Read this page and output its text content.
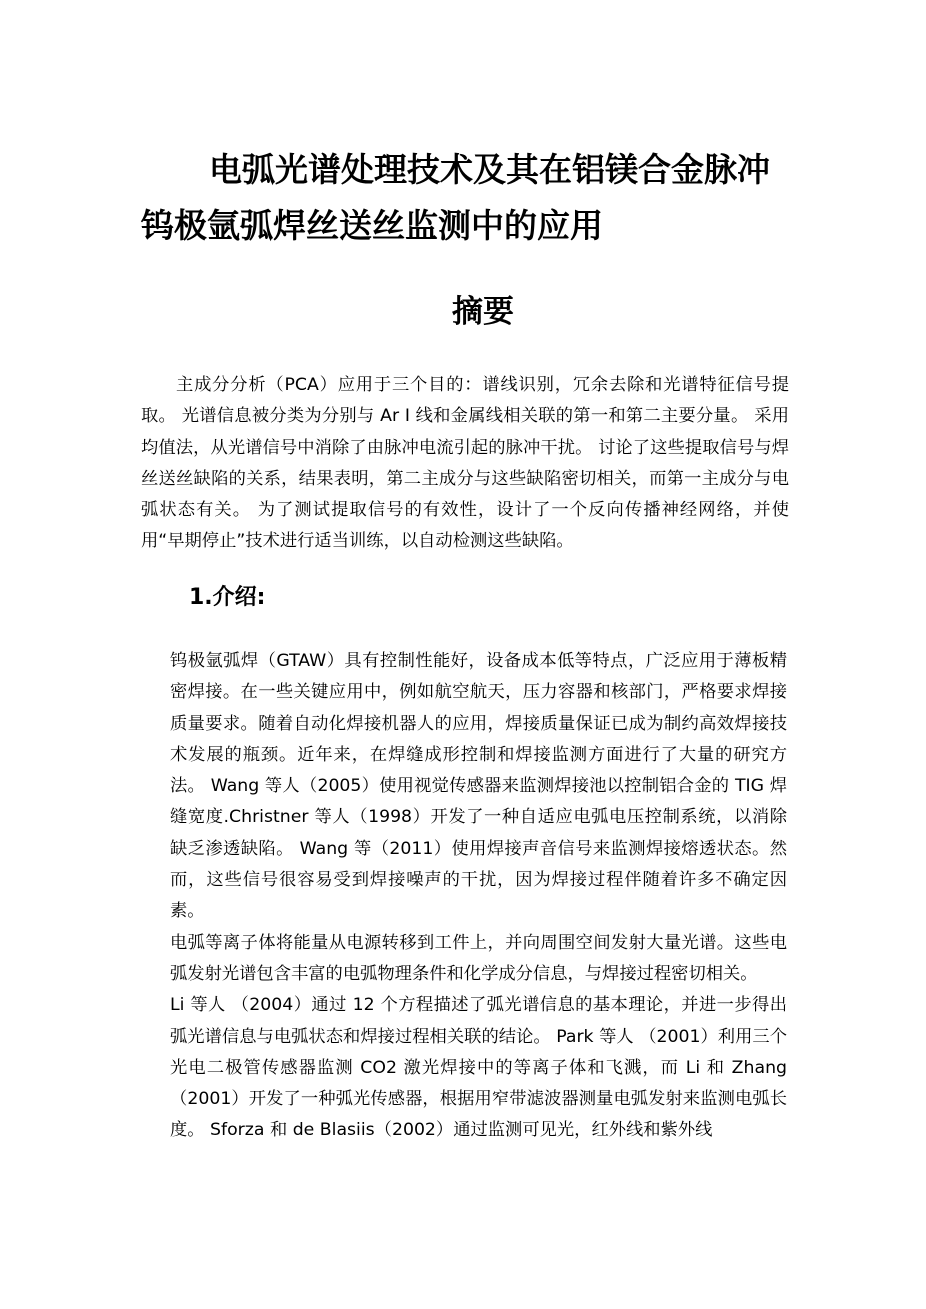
电弧光谱处理技术及其在铝镁合金脉冲钨极氩弧焊丝送丝监测中的应用
摘要

主成分分析（PCA）应用于三个目的：谱线识别，冗余去除和光谱特征信号提取。 光谱信息被分类为分别与 Ar I 线和金属线相关联的第一和第二主要分量。 采用均值法，从光谱信号中消除了由脉冲电流引起的脉冲干扰。 讨论了这些提取信号与焊丝送丝缺陷的关系，结果表明，第二主成分与这些缺陷密切相关，而第一主成分与电弧状态有关。 为了测试提取信号的有效性，设计了一个反向传播神经网络，并使用“早期停止”技术进行适当训练，以自动检测这些缺陷。

1.介绍:

钨极氩弧焊（GTAW）具有控制性能好，设备成本低等特点，广泛应用于薄板精密焊接。在一些关键应用中，例如航空航天，压力容器和核部门，严格要求焊接质量要求。随着自动化焊接机器人的应用，焊接质量保证已成为制约高效焊接技术发展的瓶颈。近年来，在焊缝成形控制和焊接监测方面进行了大量的研究方法。 Wang 等人（2005）使用视觉传感器来监测焊接池以控制铝合金的 TIG 焊缝宽度.Christner 等人（1998）开发了一种自适应电弧电压控制系统，以消除缺乏渗透缺陷。 Wang 等（2011）使用焊接声音信号来监测焊接熔透状态。然而，这些信号很容易受到焊接噪声的干扰，因为焊接过程伴随着许多不确定因素。

电弧等离子体将能量从电源转移到工件上，并向周围空间发射大量光谱。这些电弧发射光谱包含丰富的电弧物理条件和化学成分信息，与焊接过程密切相关。

Li 等人 （2004）通过 12 个方程描述了弧光谱信息的基本理论，并进一步得出弧光谱信息与电弧状态和焊接过程相关联的结论。 Park 等人 （2001）利用三个光电二极管传感器监测 CO2 激光焊接中的等离子体和飞溅，而 Li 和 Zhang（2001）开发了一种弧光传感器，根据用窄带滤波器测量电弧发射来监测电弧长度。 Sforza 和 de Blasiis（2002）通过监测可见光，红外线和紫外线
